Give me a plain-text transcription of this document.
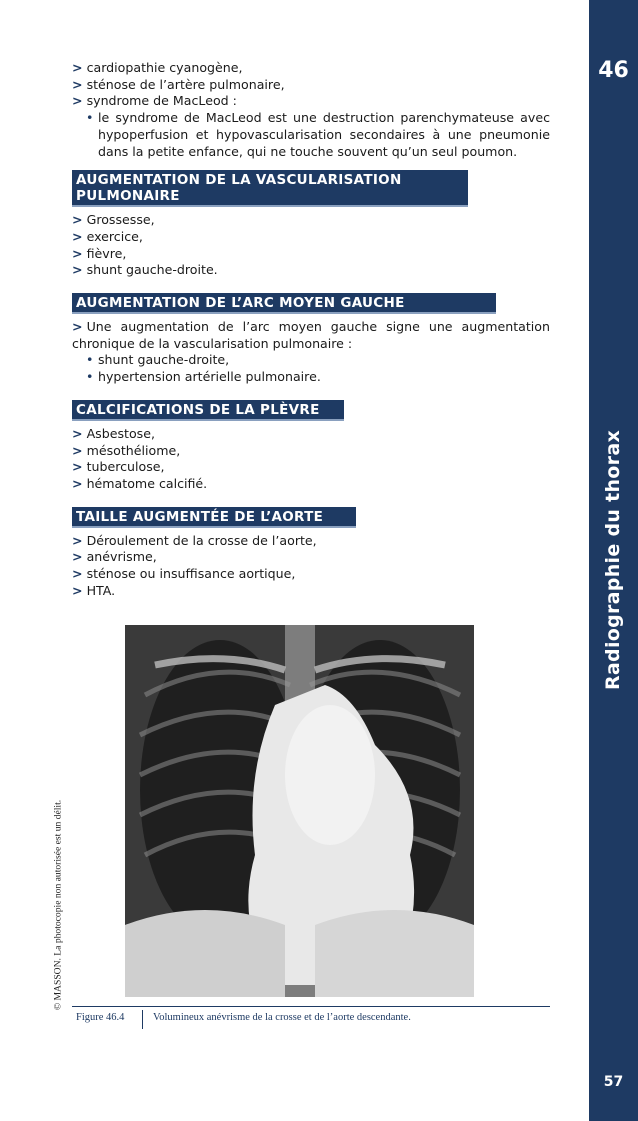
46
Radiographie du thorax
57
© MASSON. La photocopie non autorisée est un délit.

> cardiopathie cyanogène,

> sténose de l’artère pulmonaire,

> syndrome de MacLeod :

• le syndrome de MacLeod est une destruction parenchymateuse avec hypoperfusion et hypovascularisation secondaires à une pneumonie dans la petite enfance, qui ne touche souvent qu’un seul poumon.
AUGMENTATION DE LA VASCULARISATION
PULMONAIRE

> Grossesse,

> exercice,

> fièvre,

> shunt gauche-droite.

AUGMENTATION DE L’ARC MOYEN GAUCHE

> Une augmentation de l’arc moyen gauche signe une augmentation chronique de la vascularisation pulmonaire :

• shunt gauche-droite,
• hypertension artérielle pulmonaire.
CALCIFICATIONS DE LA PLÈVRE

> Asbestose,

> mésothéliome,

> tuberculose,

> hématome calcifié.

TAILLE AUGMENTÉE DE L’AORTE

> Déroulement de la crosse de l’aorte,

> anévrisme,

> sténose ou insuffisance aortique,

> HTA.

Figure 46.4	Volumineux anévrisme de la crosse et de l’aorte descendante.
